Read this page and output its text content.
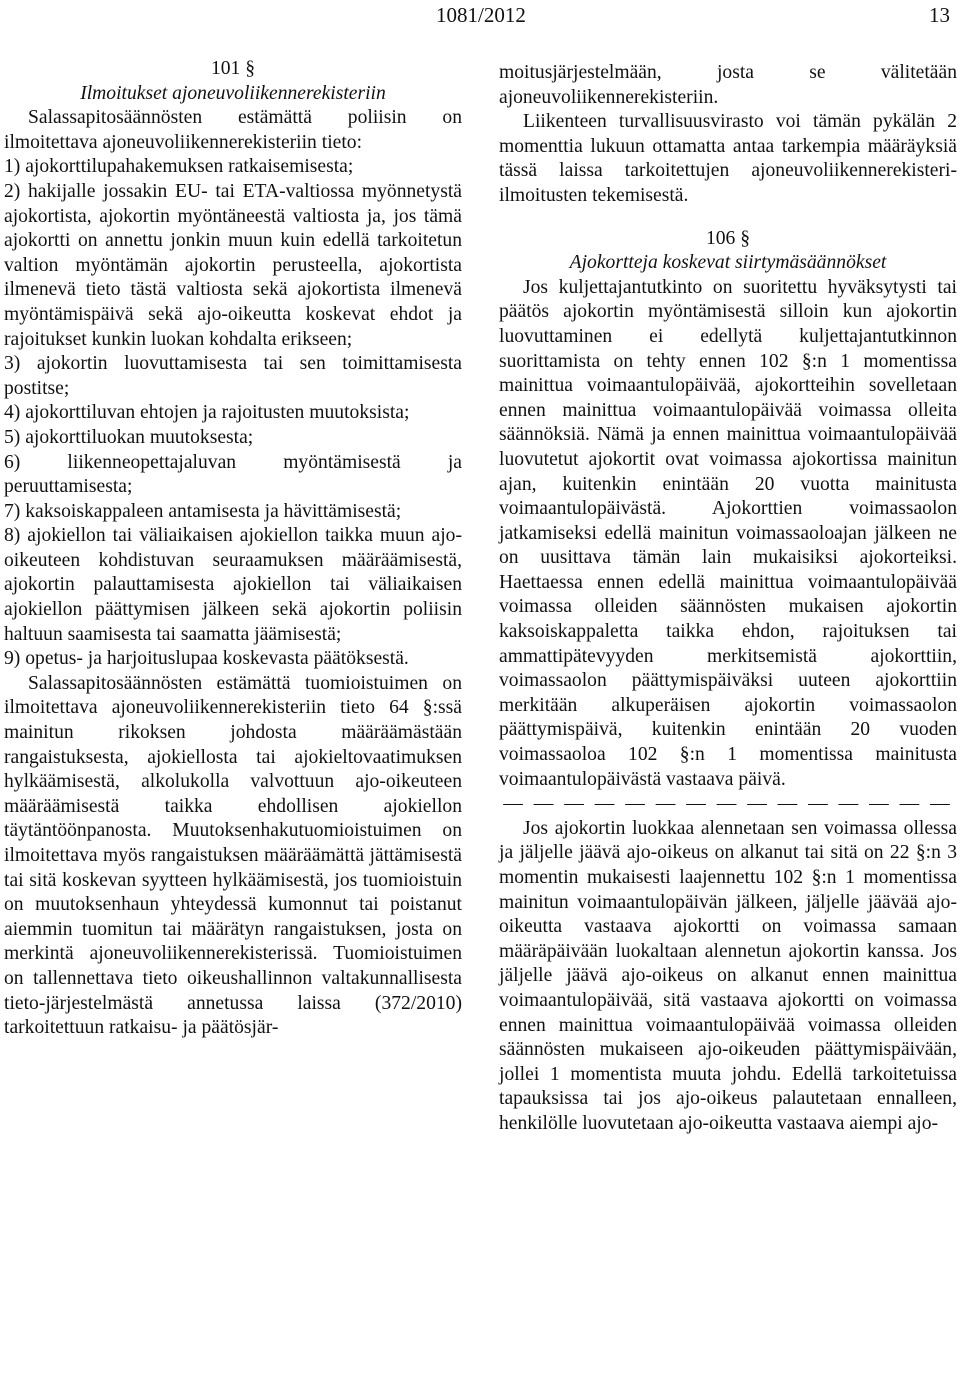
1081/2012	13

101 §

Ilmoitukset ajoneuvoliikennerekisteriin

Salassapitosäännösten estämättä poliisin on ilmoitettava ajoneuvoliikennerekisteriin tieto:

1) ajokorttilupahakemuksen ratkaisemisesta;

2) hakijalle jossakin EU- tai ETA-valtiossa myönnetystä ajokortista, ajokortin myöntäneestä valtiosta ja, jos tämä ajokortti on annettu jonkin muun kuin edellä tarkoitetun valtion myöntämän ajokortin perusteella, ajokortista ilmenevä tieto tästä valtiosta sekä ajokortista ilmenevä myöntämispäivä sekä ajo-oikeutta koskevat ehdot ja rajoitukset kunkin luokan kohdalta erikseen;

3) ajokortin luovuttamisesta tai sen toimittamisesta postitse;

4) ajokorttiluvan ehtojen ja rajoitusten muutoksista;

5) ajokorttiluokan muutoksesta;

6) liikenneopettajaluvan myöntämisestä ja peruuttamisesta;

7) kaksoiskappaleen antamisesta ja hävittämisestä;

8) ajokiellon tai väliaikaisen ajokiellon taikka muun ajo-oikeuteen kohdistuvan seuraamuksen määräämisestä, ajokortin palauttamisesta ajokiellon tai väliaikaisen ajokiellon päättymisen jälkeen sekä ajokortin poliisin haltuun saamisesta tai saamatta jäämisestä;

9) opetus- ja harjoituslupaa koskevasta päätöksestä.

Salassapitosäännösten estämättä tuomioistuimen on ilmoitettava ajoneuvoliikennerekisteriin tieto 64 §:ssä mainitun rikoksen johdosta määräämästään rangaistuksesta, ajokiellosta tai ajokieltovaatimuksen hylkäämisestä, alkolukolla valvottuun ajo-oikeuteen määräämisestä taikka ehdollisen ajokiellon täytäntöönpanosta. Muutoksenhakutuomioistuimen on ilmoitettava myös rangaistuksen määräämättä jättämisestä tai sitä koskevan syytteen hylkäämisestä, jos tuomioistuin on muutoksenhaun yhteydessä kumonnut tai poistanut aiemmin tuomitun tai määrätyn rangaistuksen, josta on merkintä ajoneuvoliikennerekisterissä. Tuomioistuimen on tallennettava tieto oikeushallinnon valtakunnallisesta tieto-järjestelmästä annetussa laissa (372/2010) tarkoitettuun ratkaisu- ja päätösjär-

moitusjärjestelmään, josta se välitetään ajoneuvoliikennerekisteriin.

Liikenteen turvallisuusvirasto voi tämän pykälän 2 momenttia lukuun ottamatta antaa tarkempia määräyksiä tässä laissa tarkoitettujen ajoneuvoliikennerekisteri-ilmoitusten tekemisestä.

106 §

Ajokortteja koskevat siirtymäsäännökset

Jos kuljettajantutkinto on suoritettu hyväksytysti tai päätös ajokortin myöntämisestä silloin kun ajokortin luovuttaminen ei edellytä kuljettajantutkinnon suorittamista on tehty ennen 102 §:n 1 momentissa mainittua voimaantulopäivää, ajokortteihin sovelletaan ennen mainittua voimaantulopäivää voimassa olleita säännöksiä. Nämä ja ennen mainittua voimaantulopäivää luovutetut ajokortit ovat voimassa ajokortissa mainitun ajan, kuitenkin enintään 20 vuotta mainitusta voimaantulopäivästä. Ajokorttien voimassaolon jatkamiseksi edellä mainitun voimassaoloajan jälkeen ne on uusittava tämän lain mukaisiksi ajokorteiksi. Haettaessa ennen edellä mainittua voimaantulopäivää voimassa olleiden säännösten mukaisen ajokortin kaksoiskappaletta taikka ehdon, rajoituksen tai ammattipätevyyden merkitsemistä ajokorttiin, voimassaolon päättymispäiväksi uuteen ajokorttiin merkitään alkuperäisen ajokortin voimassaolon päättymispäivä, kuitenkin enintään 20 vuoden voimassaoloa 102 §:n 1 momentissa mainitusta voimaantulopäivästä vastaava päivä.

— — — — — — — — — — — — — — —

Jos ajokortin luokkaa alennetaan sen voimassa ollessa ja jäljelle jäävä ajo-oikeus on alkanut tai sitä on 22 §:n 3 momentin mukaisesti laajennettu 102 §:n 1 momentissa mainitun voimaantulopäivän jälkeen, jäljelle jäävää ajo-oikeutta vastaava ajokortti on voimassa samaan määräpäivään luokaltaan alennetun ajokortin kanssa. Jos jäljelle jäävä ajo-oikeus on alkanut ennen mainittua voimaantulopäivää, sitä vastaava ajokortti on voimassa ennen mainittua voimaantulopäivää voimassa olleiden säännösten mukaiseen ajo-oikeuden päättymispäivään, jollei 1 momentista muuta johdu. Edellä tarkoitetuissa tapauksissa tai jos ajo-oikeus palautetaan ennalleen, henkilölle luovutetaan ajo-oikeutta vastaava aiempi ajo-
